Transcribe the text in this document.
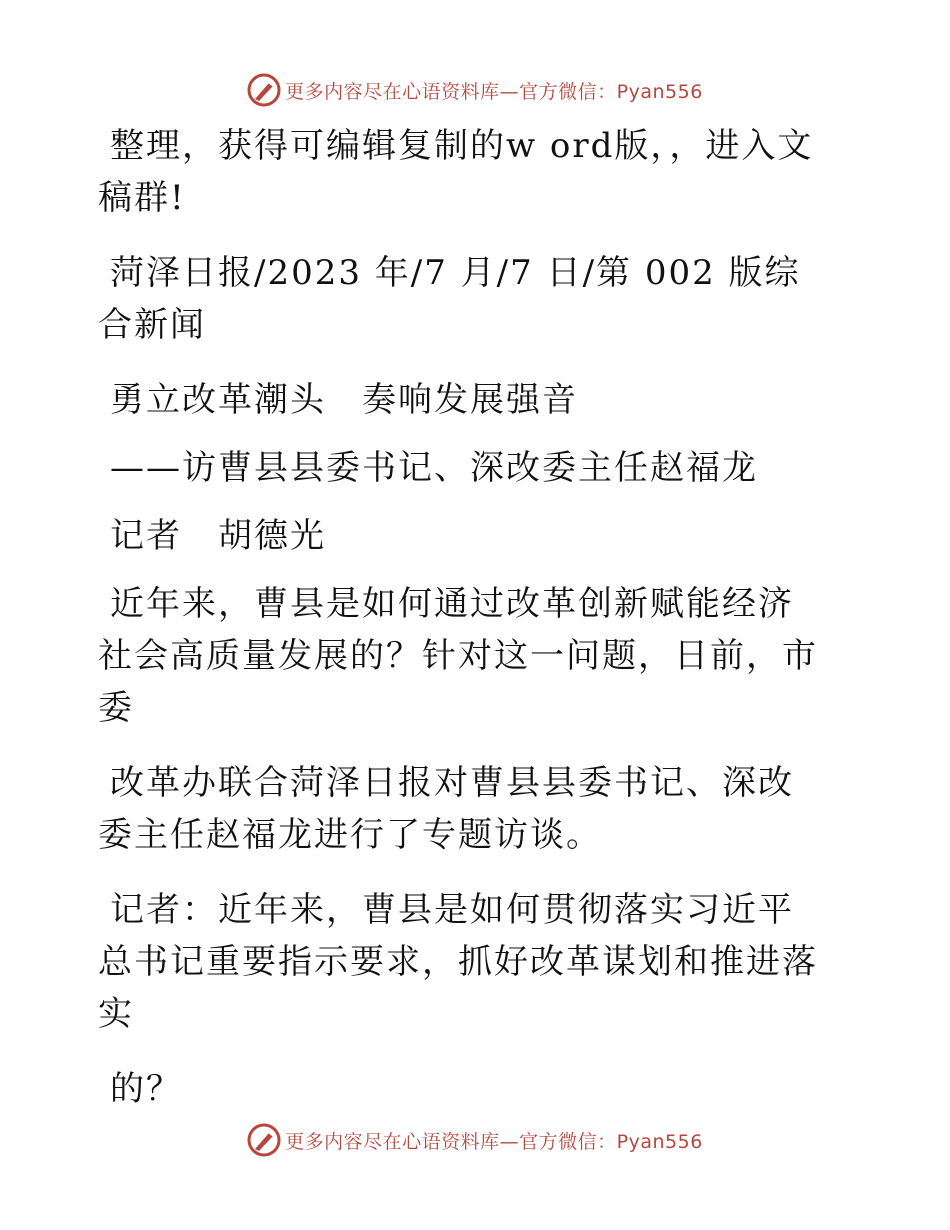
更多内容尽在心语资料库—官方微信：Pyan556

整理，获得可编辑复制的w ord版，，进入文稿群!

菏泽日报/2023 年/7 月/7 日/第 002 版综合新闻

勇立改革潮头　奏响发展强音

——访曹县县委书记、深改委主任赵福龙

记者　胡德光

近年来，曹县是如何通过改革创新赋能经济社会高质量发展的？针对这一问题，日前，市委

改革办联合菏泽日报对曹县县委书记、深改委主任赵福龙进行了专题访谈。

记者：近年来，曹县是如何贯彻落实习近平总书记重要指示要求，抓好改革谋划和推进落实

的？

更多内容尽在心语资料库—官方微信：Pyan556
